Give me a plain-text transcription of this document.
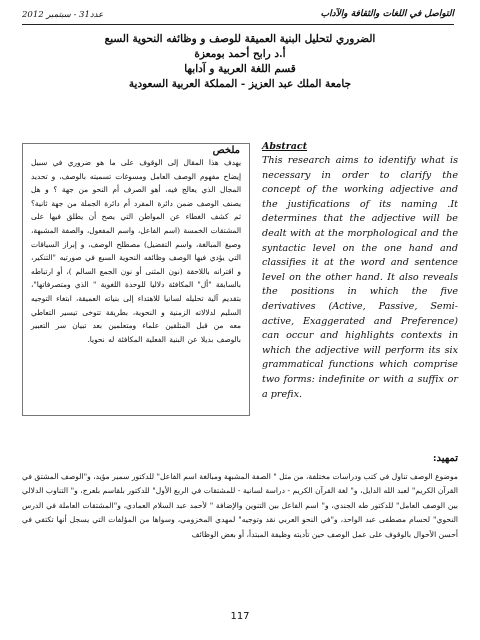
التواصل في اللغات والثقافة والآداب
عدد31 - سبتمبر 2012
الضروري لتحليل البنية العميقة للوصف و وظائفه النحوية السبع
أ.د رابح أحمد بومعزة
قسم اللغة العربية و آدابها
جامعة الملك عبد العزيز - المملكة العربية السعودية
ملخص
يهدف هذا المقال إلى الوقوف على ما هو ضروري في سبيل إيضاح مفهوم الوصف العامل ومسوغات تسميته بالوصف، و تحديد المجال الذي يعالج فيه، أهو الصرف أم النحو من جهة ؟ و هل يصنف الوصف ضمن دائرة المفرد أم دائرة الجملة من جهة ثانية؟ ثم كشف الغطاء عن المواطن التي يصح أن يطلق فيها على المشتقات الخمسة (اسم الفاعل، واسم المفعول، والصفة المشبهة، وصيغ المبالغة، واسم التفضيل) مصطلح الوصف، و إبراز السياقات التي يؤدي فيها الوصف وظائفه النحوية السبع في صورتيه "التنكير، و اقترانه باللاحقة (نون المثنى أو نون الجمع السالم )، أو ارتباطه بالسابقة "أل" المكافئة دلاليا للوحدة اللغوية " الذي ومتصرفاتها"، بتقديم آلية تحليله لسانيا للاهتداء إلى بنياته العميقة، ابتغاء التوجيه السليم لدلالاته الزمنية و النحوية، بطريقة تتوخى تيسير التعاطي معه من قبل المتلقين علماء ومتعلمين بعد تبيان سر التعبير بالوصف بديلا عن البنية الفعلية المكافئة له نحويا.
Abstract
This research aims to identify what is necessary in order to clarify the concept of the working adjective and the justifications of its naming .It determines that the adjective will be dealt with at the morphological and the syntactic level on the one hand and classifies it at the word and sentence level on the other hand. It also reveals the positions in which the five derivatives (Active, Passive, Semi-active, Exaggerated and Preference) can occur and highlights contexts in which the adjective will perform its six grammatical functions which comprise two forms: indefinite or with a suffix or a prefix.
تمهيد:
موضوع الوصف تناول في كتب ودراسات مختلفة، من مثل " الصفة المشبهة ومبالغة اسم الفاعل" للدكتور سمير مؤيد، و"الوصف المشتق في القرآن الكريم" لعبد الله الدايل، و" لغة القرآن الكريم - دراسة لسانية - للمشتقات في الربع الأول" للدكتور بلقاسم بلعرج، و" التناوب الدلالي بين الوصف العامل" للدكتور طه الجندي، و" اسم الفاعل بين التنوين والإضافة " لأحمد عبد السلام العمادي، و"المشتقات العاملة في الدرس النحوي" لحسام مصطفى عبد الواحد، و"في النحو العربي نقد وتوجيه" لمهدي المخزومي، وسواها من المؤلفات التي يسجل أنها تكتفي في أحسن الأحوال بالوقوف على عمل الوصف حين تأديته وظيفة المبتدأ، أو بعض الوظائف
117
